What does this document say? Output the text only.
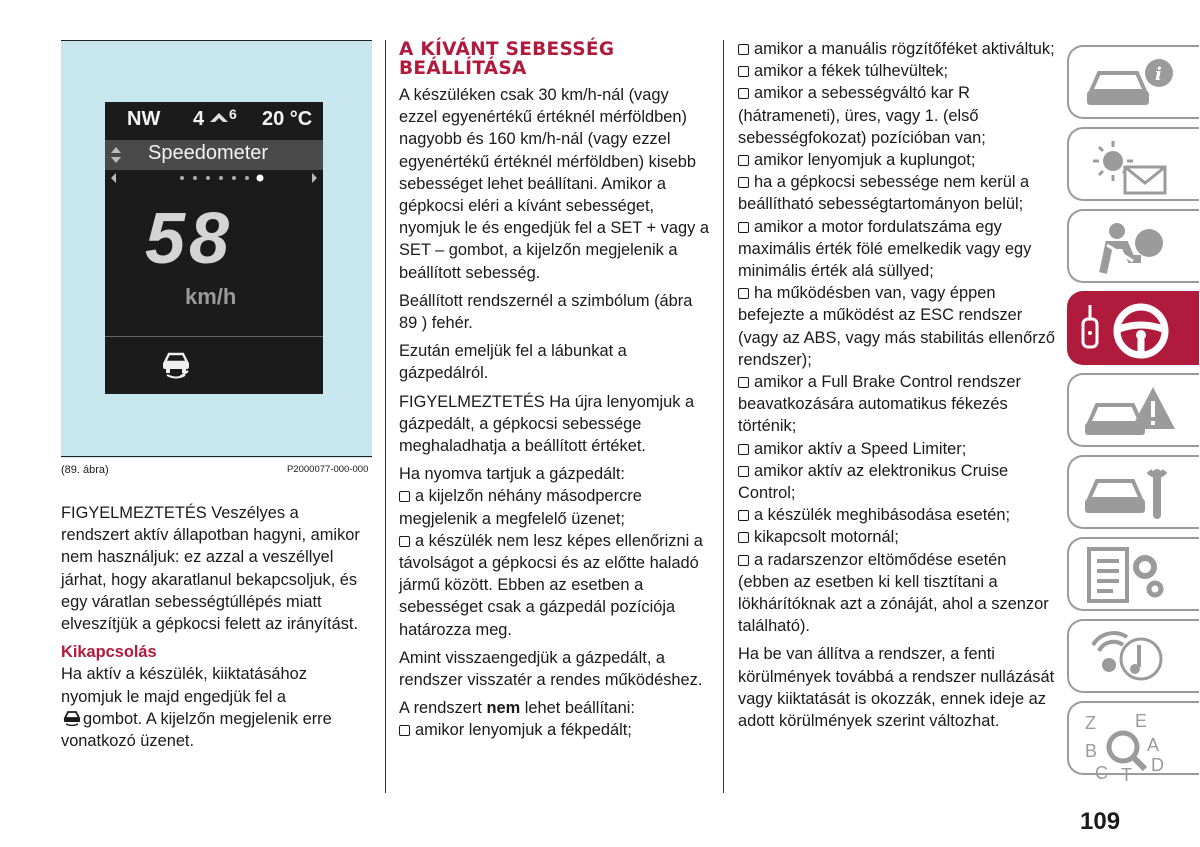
NW 4 6 20 °C
Speedometer
58
km/h
(89. ábra)	P2000077-000-000

FIGYELMEZTETÉS Veszélyes a rendszert aktív állapotban hagyni, amikor nem használjuk: ez azzal a veszéllyel járhat, hogy akaratlanul bekapcsoljuk, és egy váratlan sebességtúllépés miatt elveszítjük a gépkocsi felett az irányítást.

Kikapcsolás

Ha aktív a készülék, kiiktatásához nyomjuk le majd engedjük fel a

gombot. A kijelzőn megjelenik erre vonatkozó üzenet.

A KÍVÁNT SEBESSÉG BEÁLLÍTÁSA

A készüléken csak 30 km/h-nál (vagy ezzel egyenértékű értéknél mérföldben) nagyobb és 160 km/h-nál (vagy ezzel egyenértékű értéknél mérföldben) kisebb sebességet lehet beállítani. Amikor a gépkocsi eléri a kívánt sebességet, nyomjuk le és engedjük fel a SET + vagy a SET – gombot, a kijelzőn megjelenik a beállított sebesség.

Beállított rendszernél a szimbólum (ábra 89 ) fehér.

Ezután emeljük fel a lábunkat a gázpedálról.

FIGYELMEZTETÉS Ha újra lenyomjuk a gázpedált, a gépkocsi sebessége meghaladhatja a beállított értéket.

Ha nyomva tartjuk a gázpedált:

a kijelzőn néhány másodpercre megjelenik a megfelelő üzenet;

a készülék nem lesz képes ellenőrizni a távolságot a gépkocsi és az előtte haladó jármű között. Ebben az esetben a sebességet csak a gázpedál pozíciója határozza meg.

Amint visszaengedjük a gázpedált, a rendszer visszatér a rendes működéshez.

A rendszert nem lehet beállítani:

amikor lenyomjuk a fékpedált;

amikor a manuális rögzítőféket aktiváltuk;

amikor a fékek túlhevültek;

amikor a sebességváltó kar R (hátrameneti), üres, vagy 1. (első sebességfokozat) pozícióban van;

amikor lenyomjuk a kuplungot;

ha a gépkocsi sebessége nem kerül a beállítható sebességtartományon belül;

amikor a motor fordulatszáma egy maximális érték fölé emelkedik vagy egy minimális érték alá süllyed;

ha működésben van, vagy éppen befejezte a működést az ESC rendszer (vagy az ABS, vagy más stabilitás ellenőrző rendszer);

amikor a Full Brake Control rendszer beavatkozására automatikus fékezés történik;

amikor aktív a Speed Limiter;

amikor aktív az elektronikus Cruise Control;

a készülék meghibásodása esetén;

kikapcsolt motornál;

a radarszenzor eltömődése esetén (ebben az esetben ki kell tisztítani a lökhárítóknak azt a zónáját, ahol a szenzor található).

Ha be van állítva a rendszer, a fenti körülmények továbbá a rendszer nullázását vagy kiiktatását is okozzák, ennek ideje az adott körülmények szerint változhat.

i
Z E
B	A
C T D
109
